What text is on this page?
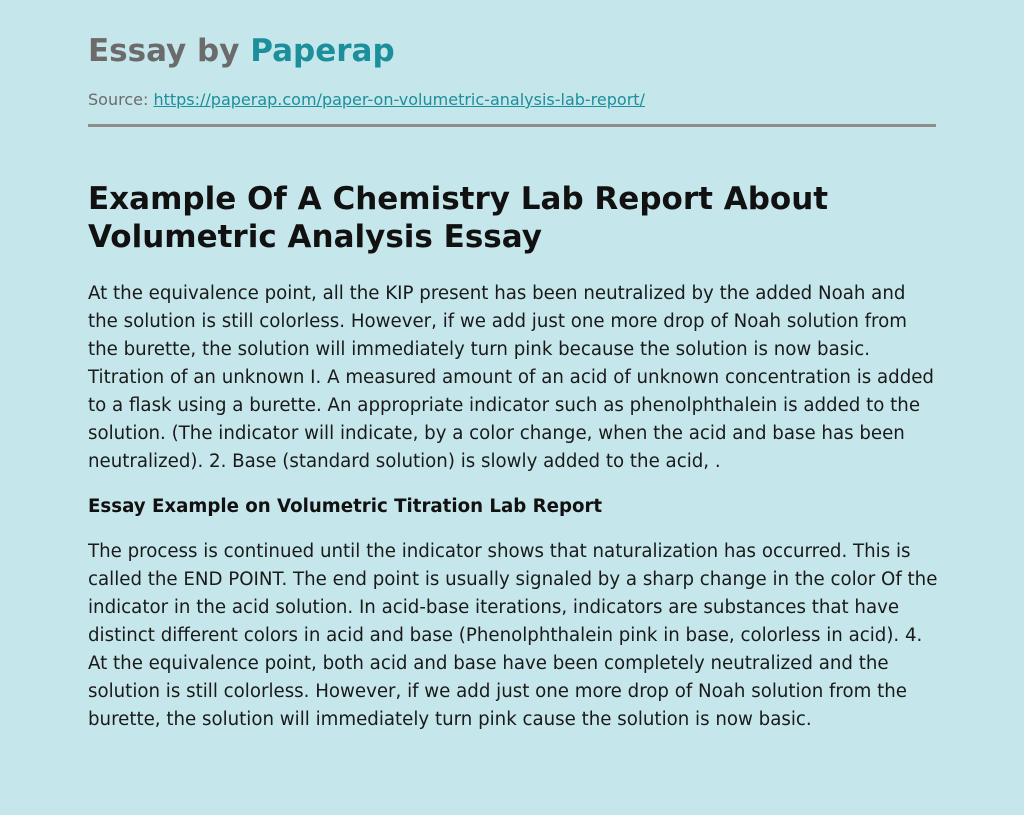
Essay by Paperap
Source: https://paperap.com/paper-on-volumetric-analysis-lab-report/
Example Of A Chemistry Lab Report About Volumetric Analysis Essay

At the equivalence point, all the KIP present has been neutralized by the added Noah and the solution is still colorless. However, if we add just one more drop of Noah solution from the burette, the solution will immediately turn pink because the solution is now basic. Titration of an unknown I. A measured amount of an acid of unknown concentration is added to a flask using a burette. An appropriate indicator such as phenolphthalein is added to the solution. (The indicator will indicate, by a color change, when the acid and base has been neutralized). 2. Base (standard solution) is slowly added to the acid, .

Essay Example on Volumetric Titration Lab Report

The process is continued until the indicator shows that naturalization has occurred. This is called the END POINT. The end point is usually signaled by a sharp change in the color Of the indicator in the acid solution. In acid-base iterations, indicators are substances that have distinct different colors in acid and base (Phenolphthalein pink in base, colorless in acid). 4. At the equivalence point, both acid and base have been completely neutralized and the solution is still colorless. However, if we add just one more drop of Noah solution from the burette, the solution will immediately turn pink cause the solution is now basic.
